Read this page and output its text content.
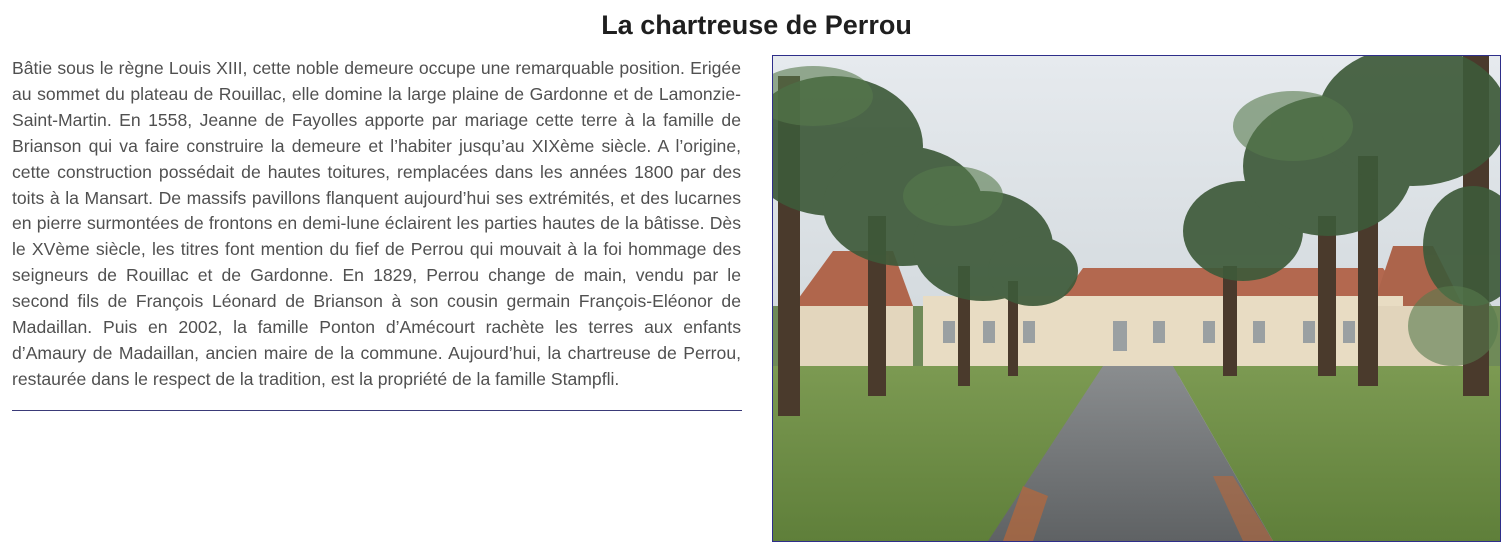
La chartreuse de Perrou

Bâtie sous le règne Louis XIII, cette noble demeure occupe une remarquable position. Erigée au sommet du plateau de Rouillac, elle domine la large plaine de Gardonne et de Lamonzie-Saint-Martin. En 1558, Jeanne de Fayolles apporte par mariage cette terre à la famille de Brianson qui va faire construire la demeure et l’habiter jusqu’au XIXème siècle. A l’origine, cette construction possédait de hautes toitures, remplacées dans les années 1800 par des toits à la Mansart. De massifs pavillons flanquent aujourd’hui ses extrémités, et des lucarnes en pierre surmontées de frontons en demi-lune éclairent les parties hautes de la bâtisse. Dès le XVème siècle, les titres font mention du fief de Perrou qui mouvait à la foi hommage des seigneurs de Rouillac et de Gardonne. En 1829, Perrou change de main, vendu par le second fils de François Léonard de Brianson à son cousin germain François-Eléonor de Madaillan. Puis en 2002, la famille Ponton d’Amécourt rachète les terres aux enfants d’Amaury de Madaillan, ancien maire de la commune. Aujourd’hui, la chartreuse de Perrou, restaurée dans le respect de la tradition, est la propriété de la famille Stampfli.
